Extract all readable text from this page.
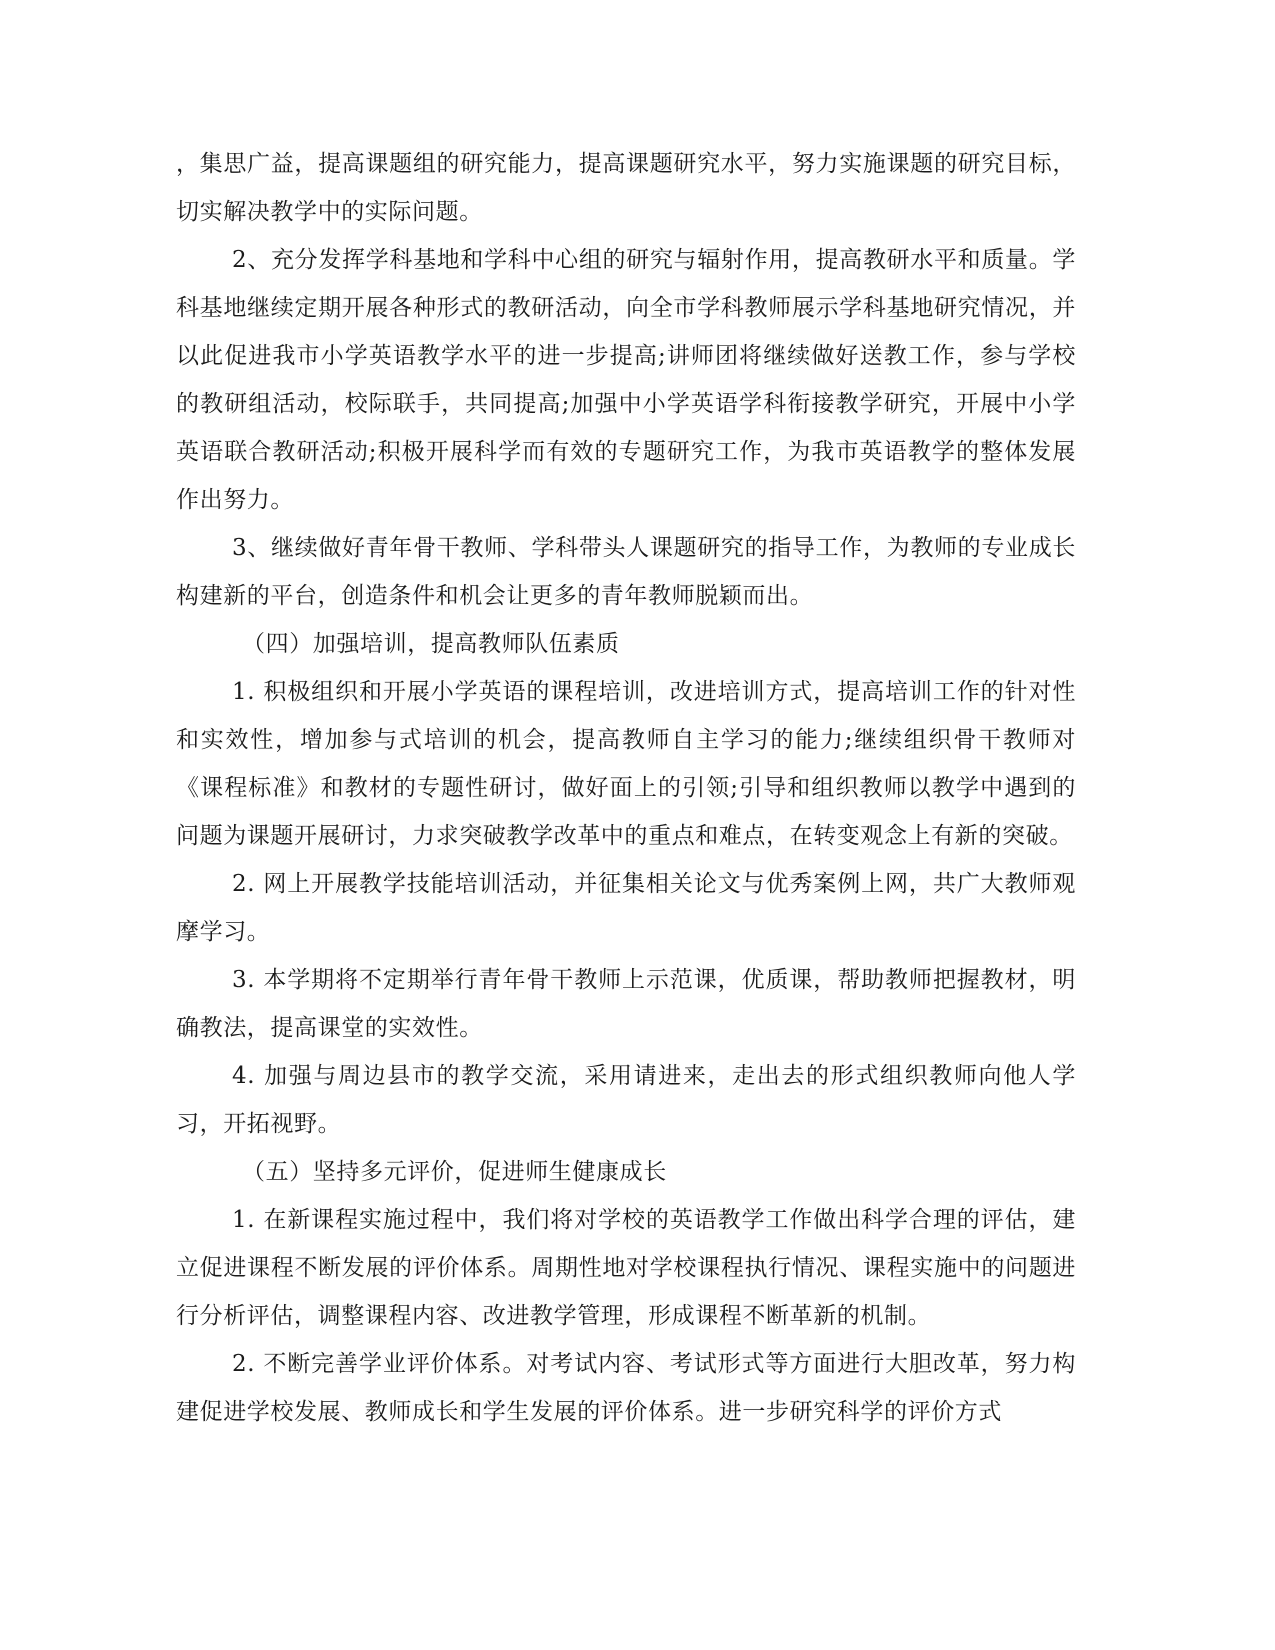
，集思广益，提高课题组的研究能力，提高课题研究水平，努力实施课题的研究目标，切实解决教学中的实际问题。

2、充分发挥学科基地和学科中心组的研究与辐射作用，提高教研水平和质量。学科基地继续定期开展各种形式的教研活动，向全市学科教师展示学科基地研究情况，并以此促进我市小学英语教学水平的进一步提高;讲师团将继续做好送教工作，参与学校的教研组活动，校际联手，共同提高;加强中小学英语学科衔接教学研究，开展中小学英语联合教研活动;积极开展科学而有效的专题研究工作，为我市英语教学的整体发展作出努力。

3、继续做好青年骨干教师、学科带头人课题研究的指导工作，为教师的专业成长构建新的平台，创造条件和机会让更多的青年教师脱颖而出。

（四）加强培训，提高教师队伍素质

1. 积极组织和开展小学英语的课程培训，改进培训方式，提高培训工作的针对性和实效性，增加参与式培训的机会，提高教师自主学习的能力;继续组织骨干教师对《课程标准》和教材的专题性研讨，做好面上的引领;引导和组织教师以教学中遇到的问题为课题开展研讨，力求突破教学改革中的重点和难点，在转变观念上有新的突破。

2. 网上开展教学技能培训活动，并征集相关论文与优秀案例上网，共广大教师观摩学习。

3. 本学期将不定期举行青年骨干教师上示范课，优质课，帮助教师把握教材，明确教法，提高课堂的实效性。

4. 加强与周边县市的教学交流，采用请进来，走出去的形式组织教师向他人学习，开拓视野。

（五）坚持多元评价，促进师生健康成长

1. 在新课程实施过程中，我们将对学校的英语教学工作做出科学合理的评估，建立促进课程不断发展的评价体系。周期性地对学校课程执行情况、课程实施中的问题进行分析评估，调整课程内容、改进教学管理，形成课程不断革新的机制。

2. 不断完善学业评价体系。对考试内容、考试形式等方面进行大胆改革，努力构建促进学校发展、教师成长和学生发展的评价体系。进一步研究科学的评价方式
